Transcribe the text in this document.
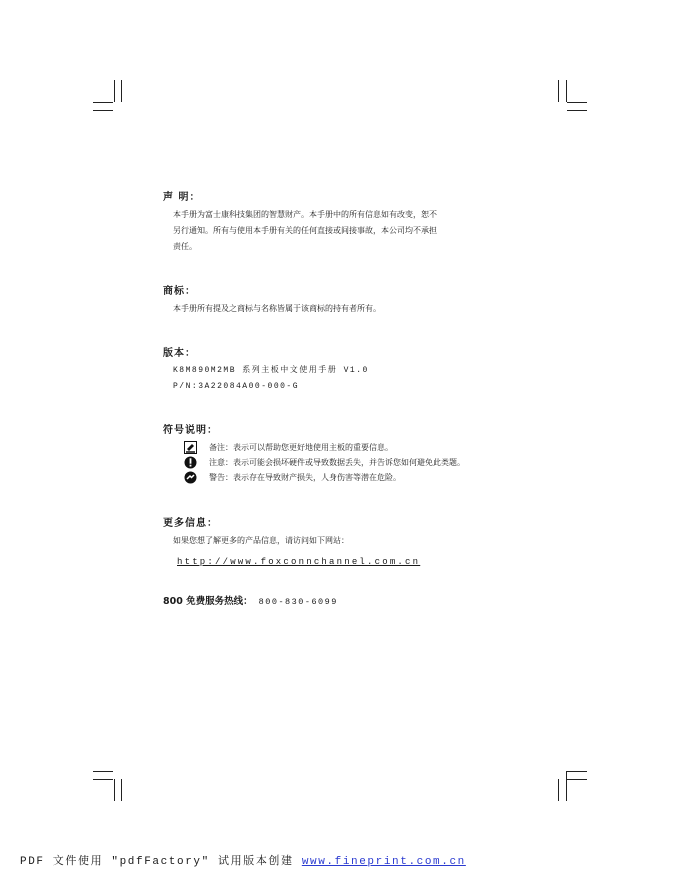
声 明：

本手册为富士康科技集团的智慧财产。本手册中的所有信息如有改变，恕不

另行通知。所有与使用本手册有关的任何直接或间接事故，本公司均不承担

责任。

商标：

本手册所有提及之商标与名称皆属于该商标的持有者所有。

版本：

K8M890M2MB 系列主板中文使用手册 V1.0

P/N:3A22084A00-000-G

符号说明：
备注：表示可以帮助您更好地使用主板的重要信息。
注意：表示可能会损坏硬件或导致数据丢失，并告诉您如何避免此类题。
警告：表示存在导致财产损失，人身伤害等潜在危险。
更多信息：

如果您想了解更多的产品信息，请访问如下网站：

http://www.foxconnchannel.com.cn
800 免费服务热线： 800-830-6099
PDF 文件使用 "pdfFactory" 试用版本创建 www.fineprint.com.cn
